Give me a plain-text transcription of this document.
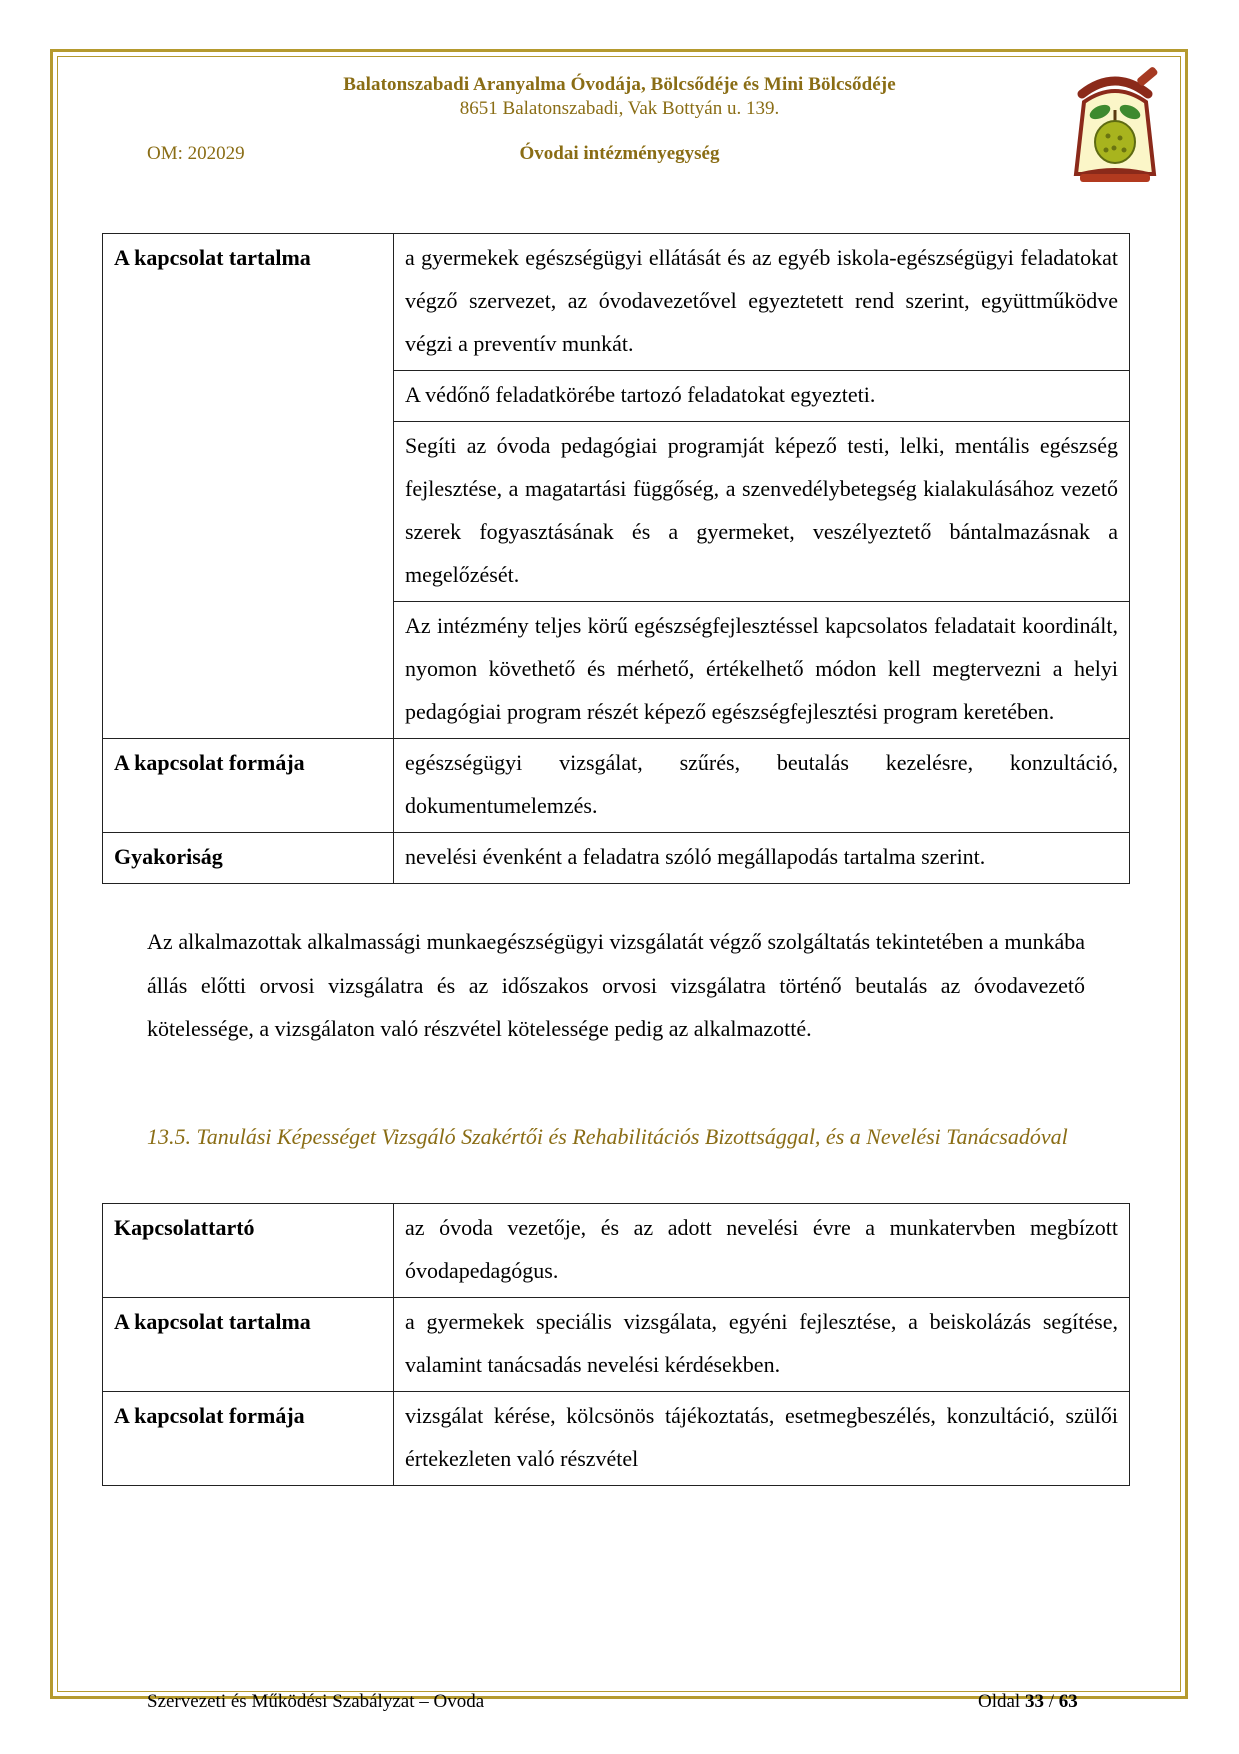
Balatonszabadi Aranyalma Óvodája, Bölcsődéje és Mini Bölcsődéje
8651 Balatonszabadi, Vak Bottyán u. 139.
OM: 202029	Óvodai intézményegység
A kapcsolat tartalma	a gyermekek egészségügyi ellátását és az egyéb iskola-egészségügyi feladatokat végző szervezet, az óvodavezetővel egyeztetett rend szerint, együttműködve végzi a preventív munkát.
	A védőnő feladatkörébe tartozó feladatokat egyezteti.
	Segíti az óvoda pedagógiai programját képező testi, lelki, mentális egészség fejlesztése, a magatartási függőség, a szenvedélybetegség kialakulásához vezető szerek fogyasztásának és a gyermeket, veszélyeztető bántalmazásnak a megelőzését.
	Az intézmény teljes körű egészségfejlesztéssel kapcsolatos feladatait koordinált, nyomon követhető és mérhető, értékelhető módon kell megtervezni a helyi pedagógiai program részét képező egészségfejlesztési program keretében.
A kapcsolat formája	egészségügyi vizsgálat, szűrés, beutalás kezelésre, konzultáció, dokumentumelemzés.
Gyakoriság	nevelési évenként a feladatra szóló megállapodás tartalma szerint.
Az alkalmazottak alkalmassági munkaegészségügyi vizsgálatát végző szolgáltatás tekintetében a munkába állás előtti orvosi vizsgálatra és az időszakos orvosi vizsgálatra történő beutalás az óvodavezető kötelessége, a vizsgálaton való részvétel kötelessége pedig az alkalmazotté.
13.5. Tanulási Képességet Vizsgáló Szakértői és Rehabilitációs Bizottsággal, és a Nevelési Tanácsadóval
Kapcsolattartó	az óvoda vezetője, és az adott nevelési évre a munkatervben megbízott óvodapedagógus.
A kapcsolat tartalma	a gyermekek speciális vizsgálata, egyéni fejlesztése, a beiskolázás segítése, valamint tanácsadás nevelési kérdésekben.
A kapcsolat formája	vizsgálat kérése, kölcsönös tájékoztatás, esetmegbeszélés, konzultáció, szülői értekezleten való részvétel
Szervezeti és Működési Szabályzat – Ovoda	Oldal 33 / 63
